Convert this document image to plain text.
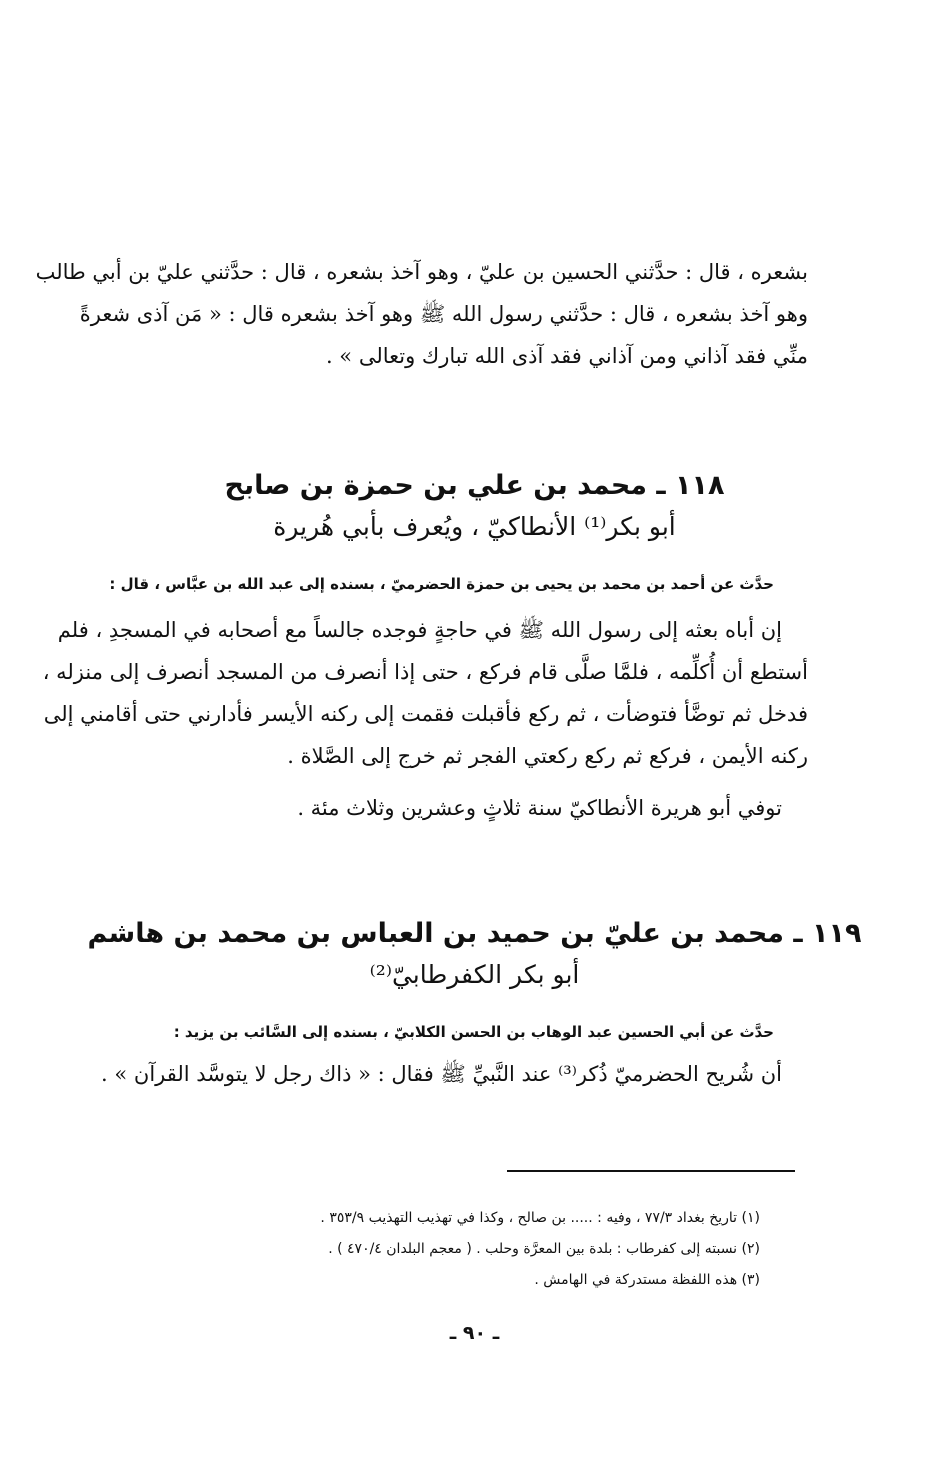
بشعره ، قال : حدَّثني الحسين بن عليّ ، وهو آخذ بشعره ، قال : حدَّثني عليّ بن أبي طالب
وهو آخذ بشعره ، قال : حدَّثني رسول الله ﷺ وهو آخذ بشعره قال : « مَن آذى شعرةً
منِّي فقد آذاني ومن آذاني فقد آذى الله تبارك وتعالى » .
١١٨ ـ محمد بن علي بن حمزة بن صابح
أبو بكر⁽¹⁾ الأنطاكيّ ، ويُعرف بأبي هُريرة
حدَّث عن أحمد بن محمد بن يحيى بن حمزة الحضرميّ ، بسنده إلى عبد الله بن عبَّاس ، قال :
إن أباه بعثه إلى رسول الله ﷺ في حاجةٍ فوجده جالساً مع أصحابه في المسجدِ ، فلم
أستطع أن أُكلِّمه ، فلمَّا صلَّى قام فركع ، حتى إذا أنصرف من المسجد أنصرف إلى منزله ،
فدخل ثم توضَّأ فتوضأت ، ثم ركع فأقبلت فقمت إلى ركنه الأيسر فأدارني حتى أقامني إلى
ركنه الأيمن ، فركع ثم ركع ركعتي الفجر ثم خرج إلى الصَّلاة .
توفي أبو هريرة الأنطاكيّ سنة ثلاثٍ وعشرين وثلاث مئة .
١١٩ ـ محمد بن عليّ بن حميد بن العباس بن محمد بن هاشم
أبو بكر الكفرطابيّ⁽²⁾
حدَّث عن أبي الحسين عبد الوهاب بن الحسن الكلابيّ ، بسنده إلى السَّائب بن يزيد :
أن شُريح الحضرميّ ذُكر⁽³⁾ عند النَّبيِّ ﷺ فقال : « ذاك رجل لا يتوسَّد القرآن » .
(١) تاريخ بغداد ٧٧/٣ ، وفيه : ..... بن صالح ، وكذا في تهذيب التهذيب ٣٥٣/٩ .
(٢) نسبته إلى كفرطاب : بلدة بين المعرَّة وحلب . ( معجم البلدان ٤٧٠/٤ ) .
(٣) هذه اللفظة مستدركة في الهامش .
ـ ٩٠ ـ
